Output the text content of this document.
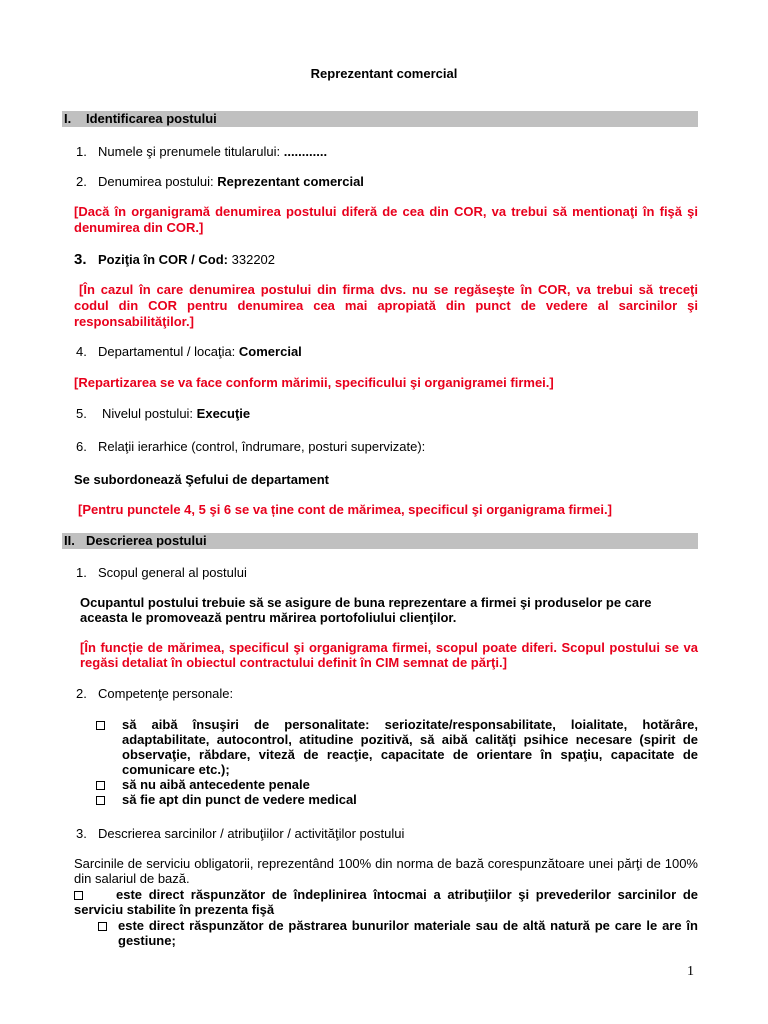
Reprezentant comercial
I. Identificarea postului
1. Numele şi prenumele titularului: ............
2. Denumirea postului: Reprezentant comercial
[Dacă în organigramă denumirea postului diferă de cea din COR, va trebui să mentionaţi în fişă şi denumirea din COR.]
3. Poziţia în COR / Cod: 332202
[În cazul în care denumirea postului din firma dvs. nu se regăseşte în COR, va trebui să treceţi codul din COR pentru denumirea cea mai apropiată din punct de vedere al sarcinilor şi responsabilităţilor.]
4. Departamentul / locaţia: Comercial
[Repartizarea se va face conform mărimii, specificului şi organigramei firmei.]
5. Nivelul postului: Execuţie
6. Relaţii ierarhice (control, îndrumare, posturi supervizate):
Se subordonează Şefului de departament
[Pentru punctele 4, 5 şi 6 se va ține cont de mărimea, specificul şi organigrama firmei.]
II. Descrierea postului
1. Scopul general al postului
Ocupantul postului trebuie să se asigure de buna reprezentare a firmei şi produselor pe care aceasta le promovează pentru mărirea portofoliului clienţilor.
[În funcție de mărimea, specificul şi organigrama firmei, scopul poate diferi. Scopul postului se va regăsi detaliat în obiectul contractului definit în CIM semnat de părţi.]
2. Competenţe personale:
să aibă însuşiri de personalitate: seriozitate/responsabilitate, loialitate, hotărâre, adaptabilitate, autocontrol, atitudine pozitivă, să aibă calităţi psihice necesare (spirit de observaţie, răbdare, viteză de reacţie, capacitate de orientare în spaţiu, capacitate de comunicare etc.);
să nu aibă antecedente penale
să fie apt din punct de vedere medical
3. Descrierea sarcinilor / atribuţiilor / activităţilor postului
Sarcinile de serviciu obligatorii, reprezentând 100% din norma de bază corespunzătoare unei părţi de 100% din salariul de bază.
este direct răspunzător de îndeplinirea întocmai a atribuţiilor şi prevederilor sarcinilor de serviciu stabilite în prezenta fişă
este direct răspunzător de păstrarea bunurilor materiale sau de altă natură pe care le are în gestiune;
1
